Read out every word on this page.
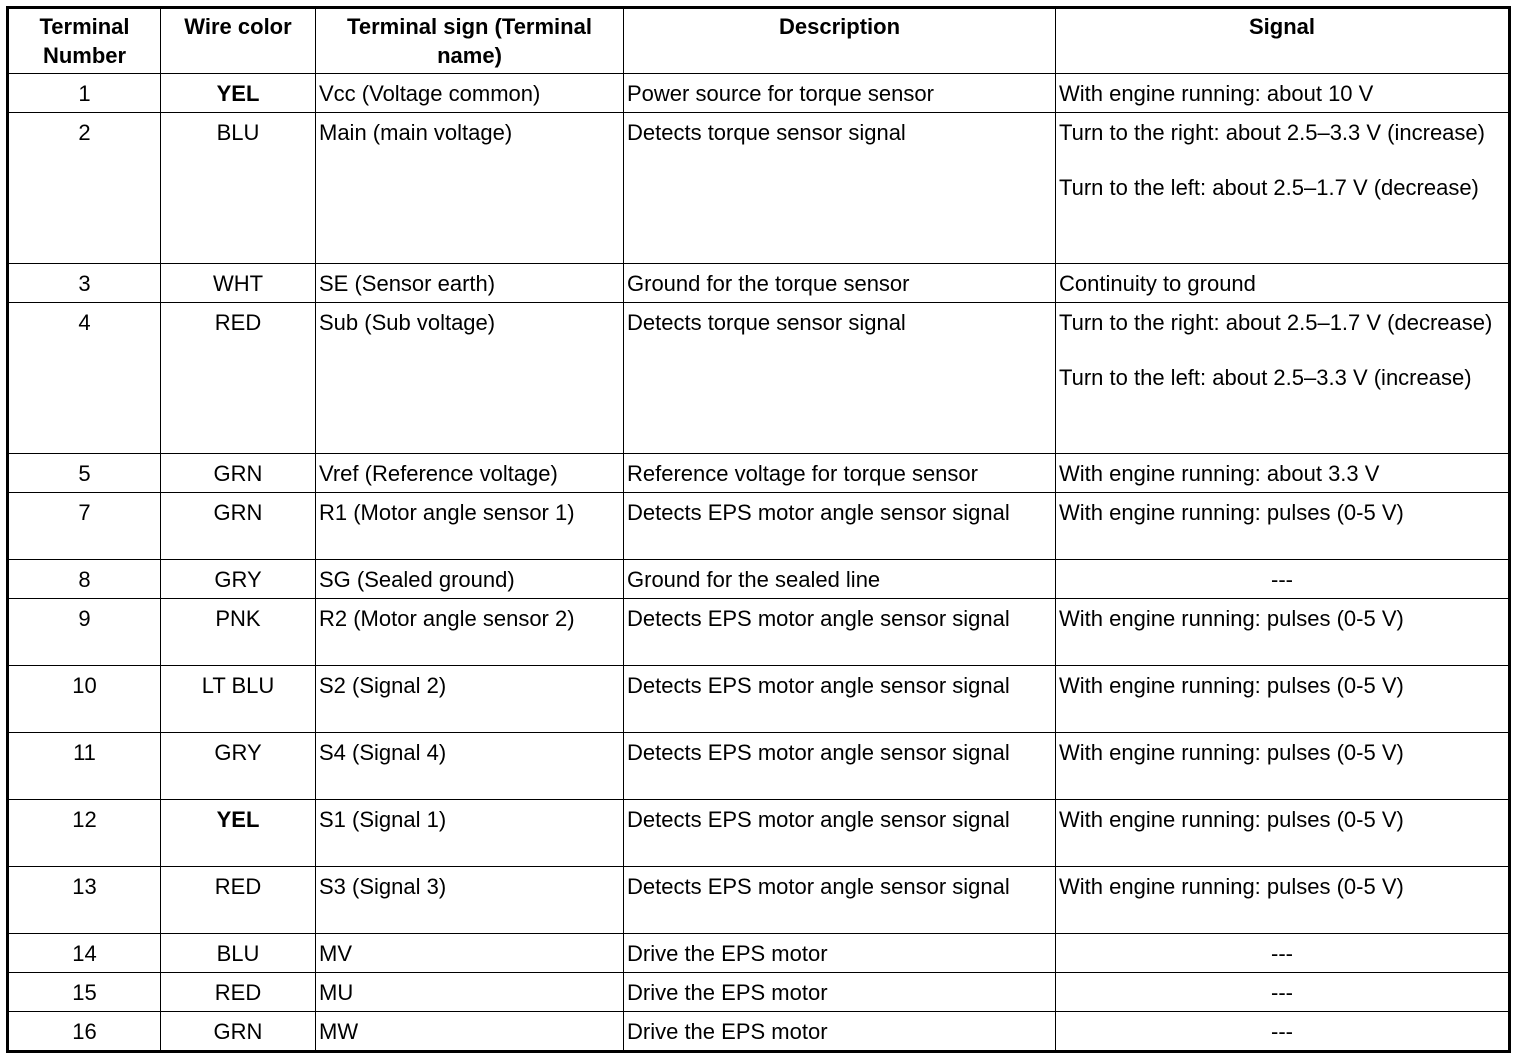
Terminal Number	Wire color	Terminal sign (Terminal name)	Description	Signal
1	YEL	Vcc (Voltage common)	Power source for torque sensor	With engine running: about 10 V

2	BLU	Main (main voltage)	Detects torque sensor signal	Turn to the right: about 2.5–3.3 V (increase)
Turn to the left: about 2.5–1.7 V (decrease)

3	WHT	SE (Sensor earth)	Ground for the torque sensor	Continuity to ground

4	RED	Sub (Sub voltage)	Detects torque sensor signal	Turn to the right: about 2.5–1.7 V (decrease)
Turn to the left: about 2.5–3.3 V (increase)

5	GRN	Vref (Reference voltage)	Reference voltage for torque sensor	With engine running: about 3.3 V

7	GRN	R1 (Motor angle sensor 1)	Detects EPS motor angle sensor signal	With engine running: pulses (0-5 V)

8	GRY	SG (Sealed ground)	Ground for the sealed line	---

9	PNK	R2 (Motor angle sensor 2)	Detects EPS motor angle sensor signal	With engine running: pulses (0-5 V)

10	LT BLU	S2 (Signal 2)	Detects EPS motor angle sensor signal	With engine running: pulses (0-5 V)

11	GRY	S4 (Signal 4)	Detects EPS motor angle sensor signal	With engine running: pulses (0-5 V)

12	YEL	S1 (Signal 1)	Detects EPS motor angle sensor signal	With engine running: pulses (0-5 V)

13	RED	S3 (Signal 3)	Detects EPS motor angle sensor signal	With engine running: pulses (0-5 V)

14	BLU	MV	Drive the EPS motor	---

15	RED	MU	Drive the EPS motor	---

16	GRN	MW	Drive the EPS motor	---
